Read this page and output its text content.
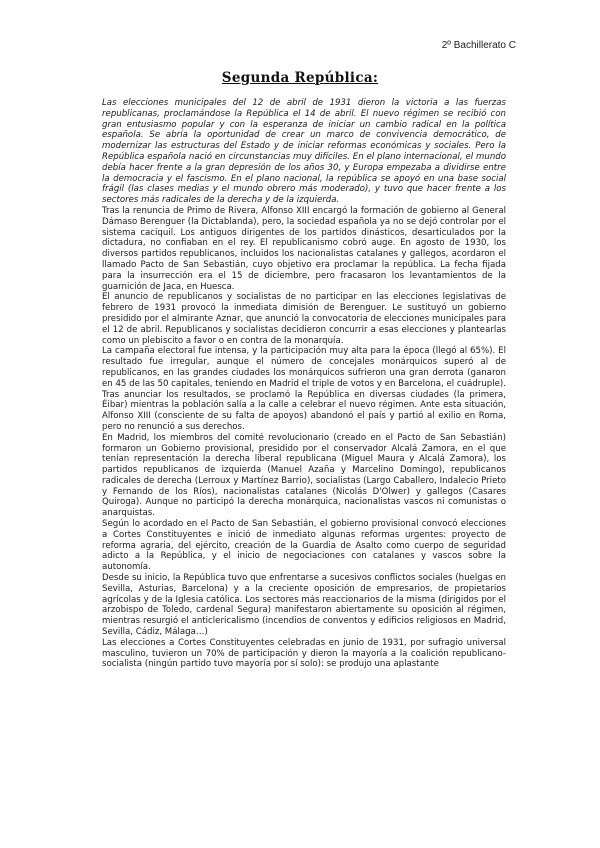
2º Bachillerato C
Segunda República:

Las elecciones municipales del 12 de abril de 1931 dieron la victoria a las fuerzas republicanas, proclamándose la República el 14 de abril. El nuevo régimen se recibió con gran entusiasmo popular y con la esperanza de iniciar un cambio radical en la política española. Se abría la oportunidad de crear un marco de convivencia democrático, de modernizar las estructuras del Estado y de iniciar reformas económicas y sociales. Pero la República española nació en circunstancias muy difíciles. En el plano internacional, el mundo debía hacer frente a la gran depresión de los años 30, y Europa empezaba a dividirse entre la democracia y el fascismo. En el plano nacional, la república se apoyó en una base social frágil (las clases medias y el mundo obrero más moderado), y tuvo que hacer frente a los sectores más radicales de la derecha y de la izquierda.

Tras la renuncia de Primo de Rivera, Alfonso XIII encargó la formación de gobierno al General Dámaso Berenguer (la Dictablanda), pero, la sociedad española ya no se dejó controlar por el sistema caciquil. Los antiguos dirigentes de los partidos dinásticos, desarticulados por la dictadura, no confiaban en el rey. El republicanismo cobró auge. En agosto de 1930, los diversos partidos republicanos, incluidos los nacionalistas catalanes y gallegos, acordaron el llamado Pacto de San Sebastián, cuyo objetivo era proclamar la república. La fecha fijada para la insurrección era el 15 de diciembre, pero fracasaron los levantamientos de la guarnición de Jaca, en Huesca.

El anuncio de republicanos y socialistas de no participar en las elecciones legislativas de febrero de 1931 provocó la inmediata dimisión de Berenguer. Le sustituyó un gobierno presidido por el almirante Aznar, que anunció la convocatoria de elecciones municipales para el 12 de abril. Republicanos y socialistas decidieron concurrir a esas elecciones y plantearlas como un plebiscito a favor o en contra de la monarquía.

La campaña electoral fue intensa, y la participación muy alta para la época (llegó al 65%). El resultado fue irregular, aunque el número de concejales monárquicos superó al de republicanos, en las grandes ciudades los monárquicos sufrieron una gran derrota (ganaron en 45 de las 50 capitales, teniendo en Madrid el triple de votos y en Barcelona, el cuádruple). Tras anunciar los resultados, se proclamó la República en diversas ciudades (la primera, Éibar) mientras la población salía a la calle a celebrar el nuevo régimen. Ante esta situación, Alfonso XIII (consciente de su falta de apoyos) abandonó el país y partió al exilio en Roma, pero no renunció a sus derechos.

En Madrid, los miembros del comité revolucionario (creado en el Pacto de San Sebastián) formaron un Gobierno provisional, presidido por el conservador Alcalá Zamora, en el que tenían representación la derecha liberal republicana (Miguel Maura y Alcalá Zamora), los partidos republicanos de izquierda (Manuel Azaña y Marcelino Domingo), republicanos radicales de derecha (Lerroux y Martínez Barrio), socialistas (Largo Caballero, Indalecio Prieto y Fernando de los Ríos), nacionalistas catalanes (Nicolás D'Olwer) y gallegos (Casares Quiroga). Aunque no participó la derecha monárquica, nacionalistas vascos ni comunistas o anarquistas.

Según lo acordado en el Pacto de San Sebastián, el gobierno provisional convocó elecciones a Cortes Constituyentes e inició de inmediato algunas reformas urgentes: proyecto de reforma agraria, del ejército, creación de la Guardia de Asalto como cuerpo de seguridad adicto a la República, y el inicio de negociaciones con catalanes y vascos sobre la autonomía.

Desde su inicio, la República tuvo que enfrentarse a sucesivos conflictos sociales (huelgas en Sevilla, Asturias, Barcelona) y a la creciente oposición de empresarios, de propietarios agrícolas y de la Iglesia católica. Los sectores más reaccionarios de la misma (dirigidos por el arzobispo de Toledo, cardenal Segura) manifestaron abiertamente su oposición al régimen, mientras resurgió el anticlericalismo (incendios de conventos y edificios religiosos en Madrid, Sevilla, Cádiz, Málaga…)

Las elecciones a Cortes Constituyentes celebradas en junio de 1931, por sufragio universal masculino, tuvieron un 70% de participación y dieron la mayoría a la coalición republicano-socialista (ningún partido tuvo mayoría por sí solo): se produjo una aplastante
